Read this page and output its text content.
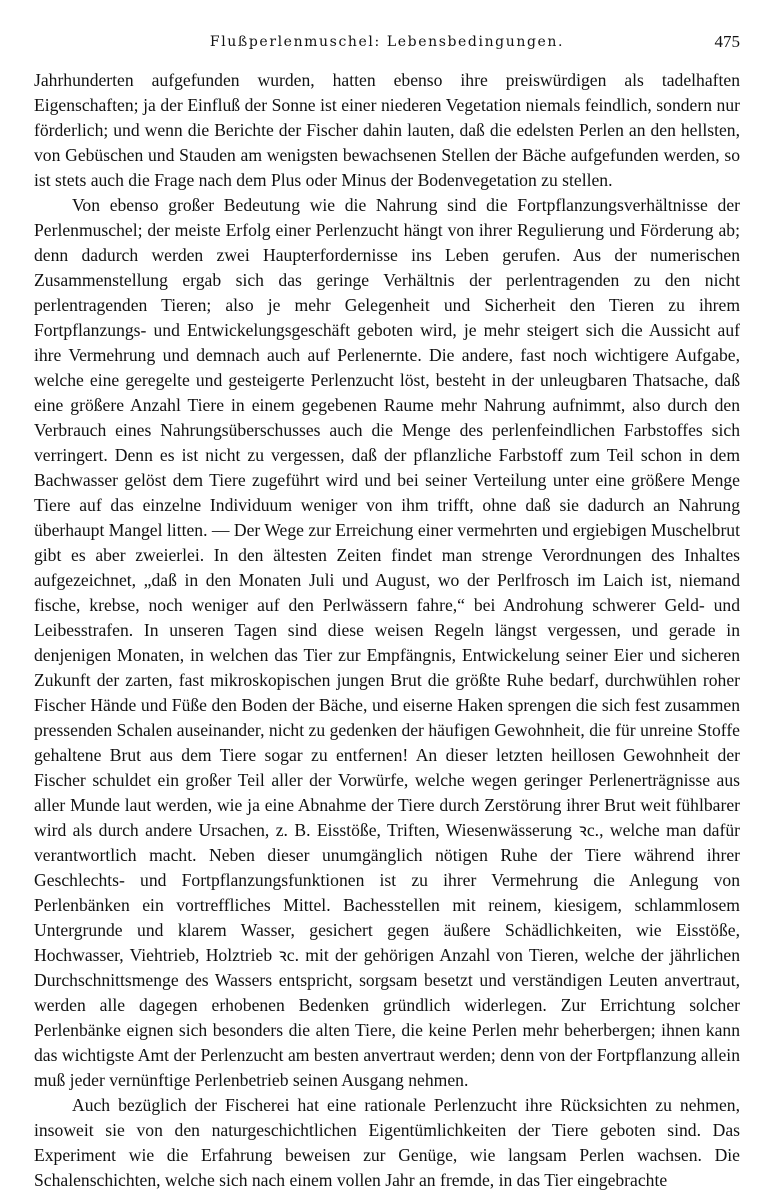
Flußperlenmuschel: Lebensbedingungen.	475

Jahrhunderten aufgefunden wurden, hatten ebenso ihre preiswürdigen als tadelhaften Eigenschaften; ja der Einfluß der Sonne ist einer niederen Vegetation niemals feindlich, sondern nur förderlich; und wenn die Berichte der Fischer dahin lauten, daß die edelsten Perlen an den hellsten, von Gebüschen und Stauden am wenigsten bewachsenen Stellen der Bäche aufgefunden werden, so ist stets auch die Frage nach dem Plus oder Minus der Bodenvegetation zu stellen.

Von ebenso großer Bedeutung wie die Nahrung sind die Fortpflanzungsverhältnisse der Perlenmuschel; der meiste Erfolg einer Perlenzucht hängt von ihrer Regulierung und Förderung ab; denn dadurch werden zwei Haupterfordernisse ins Leben gerufen. Aus der numerischen Zusammenstellung ergab sich das geringe Verhältnis der perlentragenden zu den nicht perlentragenden Tieren; also je mehr Gelegenheit und Sicherheit den Tieren zu ihrem Fortpflanzungs- und Entwickelungsgeschäft geboten wird, je mehr steigert sich die Aussicht auf ihre Vermehrung und demnach auch auf Perlenernte. Die andere, fast noch wichtigere Aufgabe, welche eine geregelte und gesteigerte Perlenzucht löst, besteht in der unleugbaren Thatsache, daß eine größere Anzahl Tiere in einem gegebenen Raume mehr Nahrung aufnimmt, also durch den Verbrauch eines Nahrungsüberschusses auch die Menge des perlenfeindlichen Farbstoffes sich verringert. Denn es ist nicht zu vergessen, daß der pflanzliche Farbstoff zum Teil schon in dem Bachwasser gelöst dem Tiere zugeführt wird und bei seiner Verteilung unter eine größere Menge Tiere auf das einzelne Individuum weniger von ihm trifft, ohne daß sie dadurch an Nahrung überhaupt Mangel litten. — Der Wege zur Erreichung einer vermehrten und ergiebigen Muschelbrut gibt es aber zweierlei. In den ältesten Zeiten findet man strenge Verordnungen des Inhaltes aufgezeichnet, „daß in den Monaten Juli und August, wo der Perlfrosch im Laich ist, niemand fische, krebse, noch weniger auf den Perlwässern fahre,“ bei Androhung schwerer Geld- und Leibesstrafen. In unseren Tagen sind diese weisen Regeln längst vergessen, und gerade in denjenigen Monaten, in welchen das Tier zur Empfängnis, Entwickelung seiner Eier und sicheren Zukunft der zarten, fast mikroskopischen jungen Brut die größte Ruhe bedarf, durchwühlen roher Fischer Hände und Füße den Boden der Bäche, und eiserne Haken sprengen die sich fest zusammen pressenden Schalen auseinander, nicht zu gedenken der häufigen Gewohnheit, die für unreine Stoffe gehaltene Brut aus dem Tiere sogar zu entfernen! An dieser letzten heillosen Gewohnheit der Fischer schuldet ein großer Teil aller der Vorwürfe, welche wegen geringer Perlenerträgnisse aus aller Munde laut werden, wie ja eine Abnahme der Tiere durch Zerstörung ihrer Brut weit fühlbarer wird als durch andere Ursachen, z. B. Eisstöße, Triften, Wiesenwässerung ꝛc., welche man dafür verantwortlich macht. Neben dieser unumgänglich nötigen Ruhe der Tiere während ihrer Geschlechts- und Fortpflanzungsfunktionen ist zu ihrer Vermehrung die Anlegung von Perlenbänken ein vortreffliches Mittel. Bachesstellen mit reinem, kiesigem, schlammlosem Untergrunde und klarem Wasser, gesichert gegen äußere Schädlichkeiten, wie Eisstöße, Hochwasser, Viehtrieb, Holztrieb ꝛc. mit der gehörigen Anzahl von Tieren, welche der jährlichen Durchschnittsmenge des Wassers entspricht, sorgsam besetzt und verständigen Leuten anvertraut, werden alle dagegen erhobenen Bedenken gründlich widerlegen. Zur Errichtung solcher Perlenbänke eignen sich besonders die alten Tiere, die keine Perlen mehr beherbergen; ihnen kann das wichtigste Amt der Perlenzucht am besten anvertraut werden; denn von der Fortpflanzung allein muß jeder vernünftige Perlenbetrieb seinen Ausgang nehmen.

Auch bezüglich der Fischerei hat eine rationale Perlenzucht ihre Rücksichten zu nehmen, insoweit sie von den naturgeschichtlichen Eigentümlichkeiten der Tiere geboten sind. Das Experiment wie die Erfahrung beweisen zur Genüge, wie langsam Perlen wachsen. Die Schalenschichten, welche sich nach einem vollen Jahr an fremde, in das Tier eingebrachte
